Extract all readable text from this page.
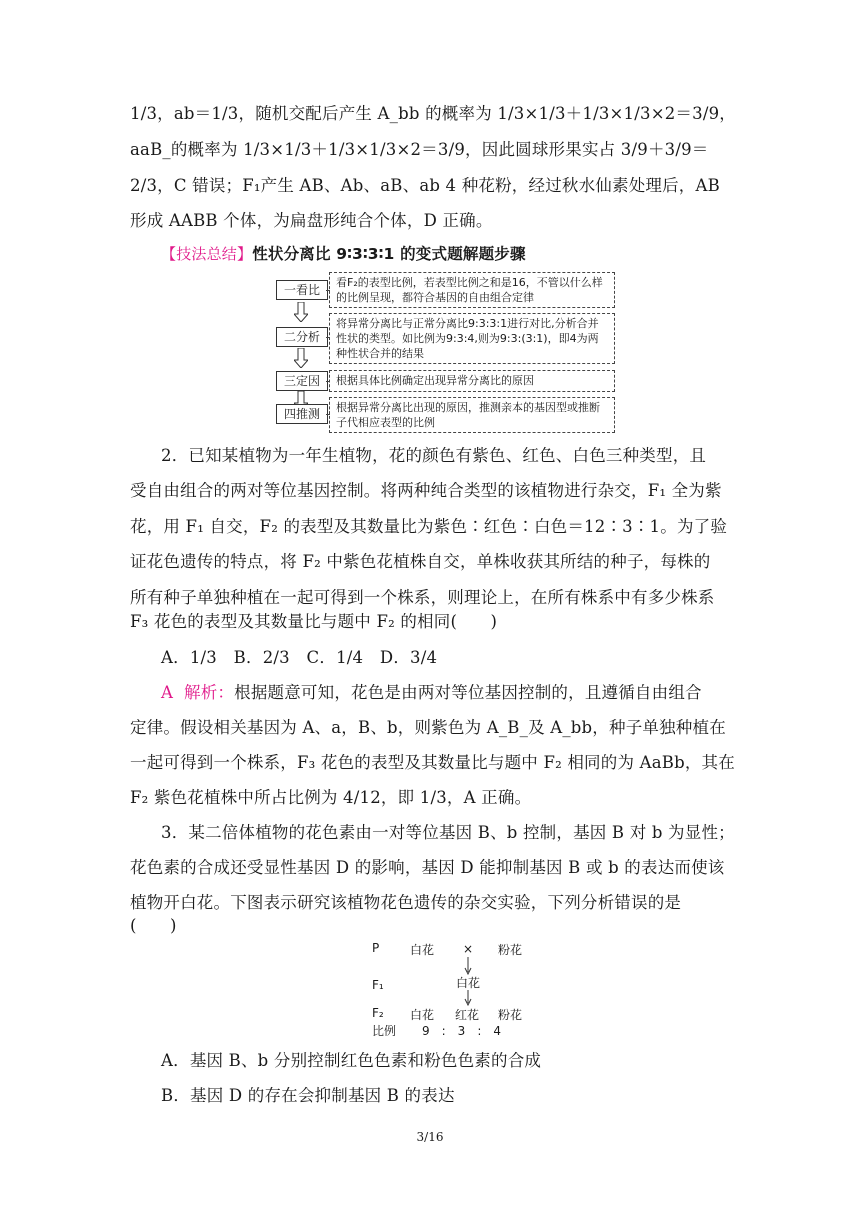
1/3，ab＝1/3，随机交配后产生 A_bb 的概率为 1/3×1/3＋1/3×1/3×2＝3/9，
aaB_的概率为 1/3×1/3＋1/3×1/3×2＝3/9，因此圆球形果实占 3/9＋3/9＝
2/3，C 错误；F₁产生 AB、Ab、aB、ab 4 种花粉，经过秋水仙素处理后，AB
形成 AABB 个体，为扁盘形纯合个体，D 正确。
【技法总结】性状分离比 9∶3∶3∶1 的变式题解题步骤
一看比
看F₂的表型比例，若表型比例之和是16，不管以什么样的比例呈现，都符合基因的自由组合定律
二分析
将异常分离比与正常分离比9:3:3:1进行对比,分析合并性状的类型。如比例为9:3:4,则为9:3:(3:1)，即4为两种性状合并的结果
三定因	根据具体比例确定出现异常分离比的原因
四推测	根据异常分离比出现的原因，推测亲本的基因型或推断子代相应表型的比例
2．已知某植物为一年生植物，花的颜色有紫色、红色、白色三种类型，且
受自由组合的两对等位基因控制。将两种纯合类型的该植物进行杂交，F₁ 全为紫
花，用 F₁ 自交，F₂ 的表型及其数量比为紫色∶红色∶白色＝12∶3∶1。为了验
证花色遗传的特点，将 F₂ 中紫色花植株自交，单株收获其所结的种子，每株的
所有种子单独种植在一起可得到一个株系，则理论上，在所有株系中有多少株系
F₃ 花色的表型及其数量比与题中 F₂ 的相同(　　)
A．1/3　B．2/3　C．1/4　D．3/4
A 解析：根据题意可知，花色是由两对等位基因控制的，且遵循自由组合
定律。假设相关基因为 A、a，B、b，则紫色为 A_B_及 A_bb，种子单独种植在
一起可得到一个株系，F₃ 花色的表型及其数量比与题中 F₂ 相同的为 AaBb，其在
F₂ 紫色花植株中所占比例为 4/12，即 1/3，A 正确。
3．某二倍体植物的花色素由一对等位基因 B、b 控制，基因 B 对 b 为显性；
花色素的合成还受显性基因 D 的影响，基因 D 能抑制基因 B 或 b 的表达而使该
植物开白花。下图表示研究该植物花色遗传的杂交实验，下列分析错误的是
(　　)
P	白花 × 粉花
F₁	白花
F₂ 白花 红花 粉花
比例 9　:　3　:　4
A．基因 B、b 分别控制红色色素和粉色色素的合成
B．基因 D 的存在会抑制基因 B 的表达
3/16
